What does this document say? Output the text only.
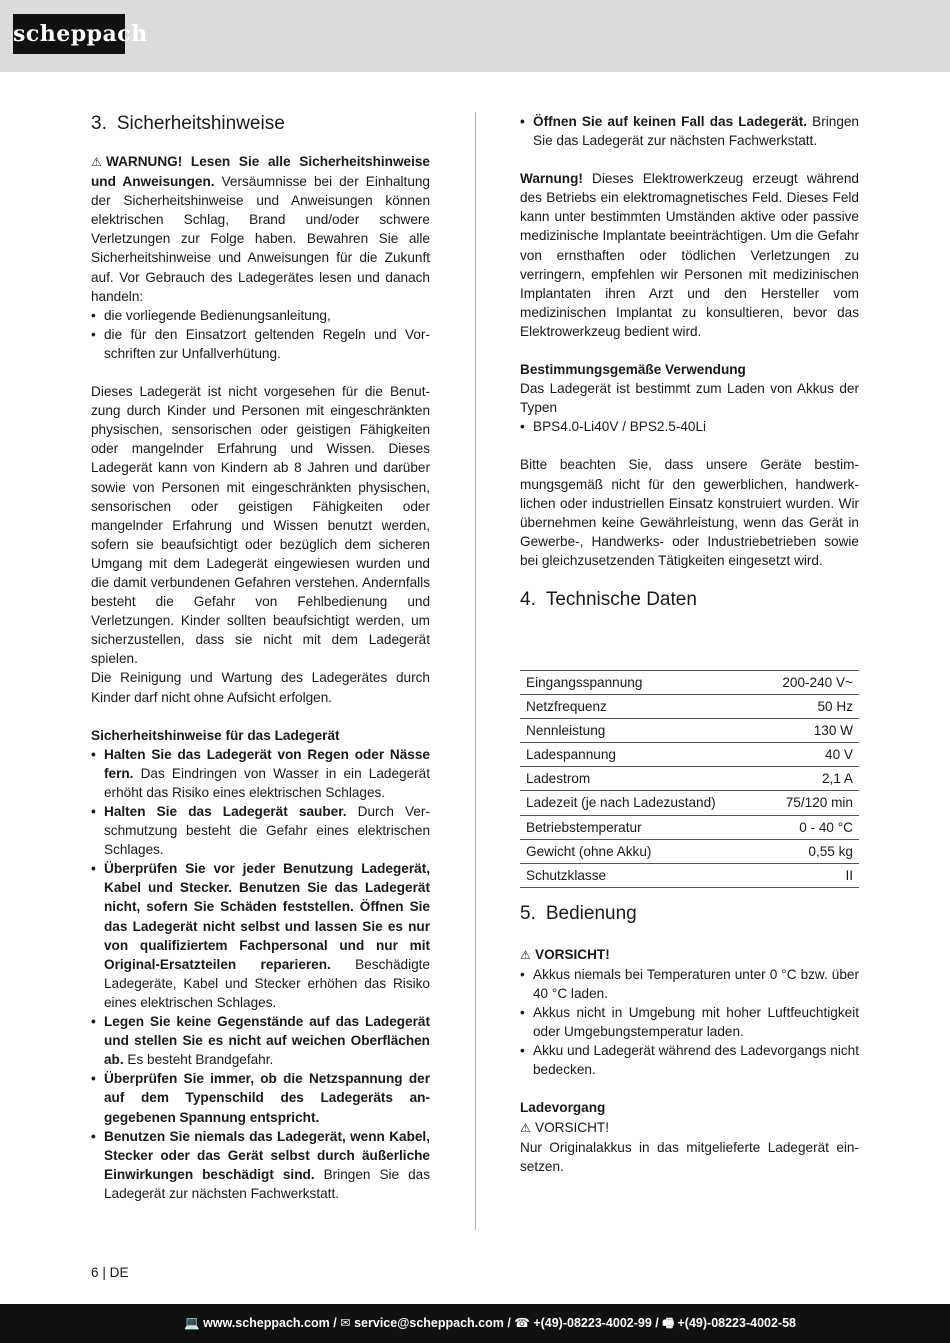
scheppach
3. Sicherheitshinweise

⚠ WARNUNG! Lesen Sie alle Sicherheitshinweise und Anweisungen. Versäumnisse bei der Einhaltung der Sicherheitshinweise und Anweisungen können elektrischen Schlag, Brand und/oder schwere Verletzungen zur Folge haben. Bewahren Sie alle Sicherheitshinweise und Anweisungen für die Zukunft auf. Vor Gebrauch des Ladegerätes lesen und danach handeln:

• die vorliegende Bedienungsanleitung,
• die für den Einsatzort geltenden Regeln und Vorschriften zur Unfallverhütung.

Dieses Ladegerät ist nicht vorgesehen für die Benutzung durch Kinder und Personen mit eingeschränkten physischen, sensorischen oder geistigen Fähigkeiten oder mangelnder Erfahrung und Wissen. Dieses Ladegerät kann von Kindern ab 8 Jahren und darüber sowie von Personen mit eingeschränkten physischen, sensorischen oder geistigen Fähigkeiten oder mangelnder Erfahrung und Wissen benutzt werden, sofern sie beaufsichtigt oder bezüglich dem sicheren Umgang mit dem Ladegerät eingewiesen wurden und die damit verbundenen Gefahren verstehen. Andernfalls besteht die Gefahr von Fehlbedienung und Verletzungen. Kinder sollten beaufsichtigt werden, um sicherzustellen, dass sie nicht mit dem Ladegerät spielen.

Die Reinigung und Wartung des Ladegerätes durch Kinder darf nicht ohne Aufsicht erfolgen.

Sicherheitshinweise für das Ladegerät

• Halten Sie das Ladegerät von Regen oder Nässe fern. Das Eindringen von Wasser in ein Ladegerät erhöht das Risiko eines elektrischen Schlages.
• Halten Sie das Ladegerät sauber. Durch Verschmutzung besteht die Gefahr eines elektrischen Schlages.
• Überprüfen Sie vor jeder Benutzung Ladegerät, Kabel und Stecker. Benutzen Sie das Ladegerät nicht, sofern Sie Schäden feststellen. Öffnen Sie das Ladegerät nicht selbst und lassen Sie es nur von qualifiziertem Fachpersonal und nur mit Original-Ersatzteilen reparieren. Beschädigte Ladegeräte, Kabel und Stecker erhöhen das Risiko eines elektrischen Schlages.
• Legen Sie keine Gegenstände auf das Ladegerät und stellen Sie es nicht auf weichen Oberflächen ab. Es besteht Brandgefahr.
• Überprüfen Sie immer, ob die Netzspannung der auf dem Typenschild des Ladegeräts angegebenen Spannung entspricht.
• Benutzen Sie niemals das Ladegerät, wenn Kabel, Stecker oder das Gerät selbst durch äußerliche Einwirkungen beschädigt sind. Bringen Sie das Ladegerät zur nächsten Fachwerkstatt.
• Öffnen Sie auf keinen Fall das Ladegerät. Bringen Sie das Ladegerät zur nächsten Fachwerkstatt.

Warnung! Dieses Elektrowerkzeug erzeugt während des Betriebs ein elektromagnetisches Feld. Dieses Feld kann unter bestimmten Umständen aktive oder passive medizinische Implantate beeinträchtigen. Um die Gefahr von ernsthaften oder tödlichen Verletzungen zu verringern, empfehlen wir Personen mit medizinischen Implantaten ihren Arzt und den Hersteller vom medizinischen Implantat zu konsultieren, bevor das Elektrowerkzeug bedient wird.

Bestimmungsgemäße Verwendung

Das Ladegerät ist bestimmt zum Laden von Akkus der Typen

• BPS4.0-Li40V / BPS2.5-40Li

Bitte beachten Sie, dass unsere Geräte bestimmungsgemäß nicht für den gewerblichen, handwerklichen oder industriellen Einsatz konstruiert wurden. Wir übernehmen keine Gewährleistung, wenn das Gerät in Gewerbe-, Handwerks- oder Industriebetrieben sowie bei gleichzusetzenden Tätigkeiten eingesetzt wird.

4. Technische Daten
Eingangsspannung	200-240 V~
Netzfrequenz	50 Hz
Nennleistung	130 W
Ladespannung	40 V
Ladestrom	2,1 A
Ladezeit (je nach Ladezustand)	75/120 min
Betriebstemperatur	0 - 40 °C
Gewicht (ohne Akku)	0,55 kg
Schutzklasse	II
5. Bedienung

⚠ VORSICHT!

• Akkus niemals bei Temperaturen unter 0 °C bzw. über 40 °C laden.
• Akkus nicht in Umgebung mit hoher Luftfeuchtigkeit oder Umgebungstemperatur laden.
• Akku und Ladegerät während des Ladevorgangs nicht bedecken.

Ladevorgang

⚠ VORSICHT!

Nur Originalakkus in das mitgelieferte Ladegerät einsetzen.

6 | DE
💻 www.scheppach.com / ✉ service@scheppach.com / ☎ +(49)-08223-4002-99 / 🖷 +(49)-08223-4002-58
